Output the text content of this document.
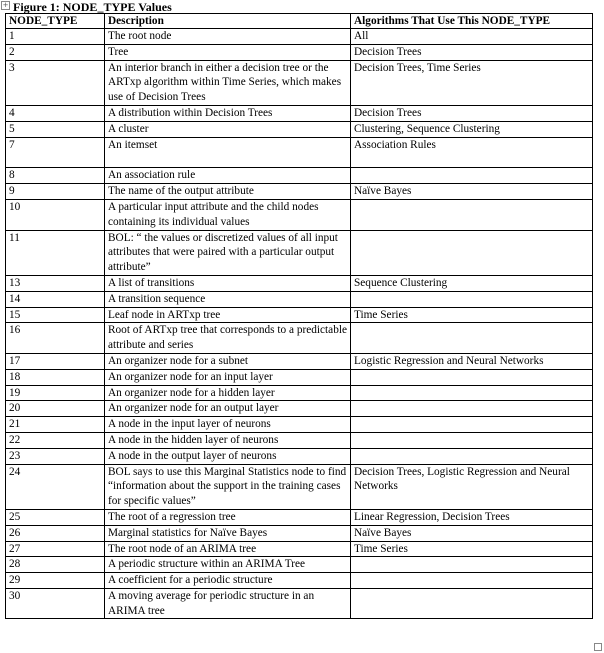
+ Figure 1: NODE_TYPE Values
NODE_TYPE	Description	Algorithms That Use This NODE_TYPE
1	The root node	All
2	Tree	Decision Trees
3	An interior branch in either a decision tree or the ARTxp algorithm within Time Series, which makes use of Decision Trees	Decision Trees, Time Series
4	A distribution within Decision Trees	Decision Trees
5	A cluster	Clustering, Sequence Clustering
7	An itemset	Association Rules
8	An association rule	
9	The name of the output attribute	Naïve Bayes
10	A particular input attribute and the child nodes containing its individual values	
11	BOL: “ the values or discretized values of all input attributes that were paired with a particular output attribute”	
13	A list of transitions	Sequence Clustering
14	A transition sequence	
15	Leaf node in ARTxp tree	Time Series
16	Root of ARTxp tree that corresponds to a predictable attribute and series	
17	An organizer node for a subnet	Logistic Regression and Neural Networks
18	An organizer node for an input layer	
19	An organizer node for a hidden layer	
20	An organizer node for an output layer	
21	A node in the input layer of neurons	
22	A node in the hidden layer of neurons	
23	A node in the output layer of neurons	
24	BOL says to use this Marginal Statistics node to find “information about the support in the training cases for specific values”	Decision Trees, Logistic Regression and Neural Networks
25	The root of a regression tree	Linear Regression, Decision Trees
26	Marginal statistics for Naïve Bayes	Naïve Bayes
27	The root node of an ARIMA tree	Time Series
28	A periodic structure within an ARIMA Tree	
29	A coefficient for a periodic structure	
30	A moving average for periodic structure in an ARIMA tree	
